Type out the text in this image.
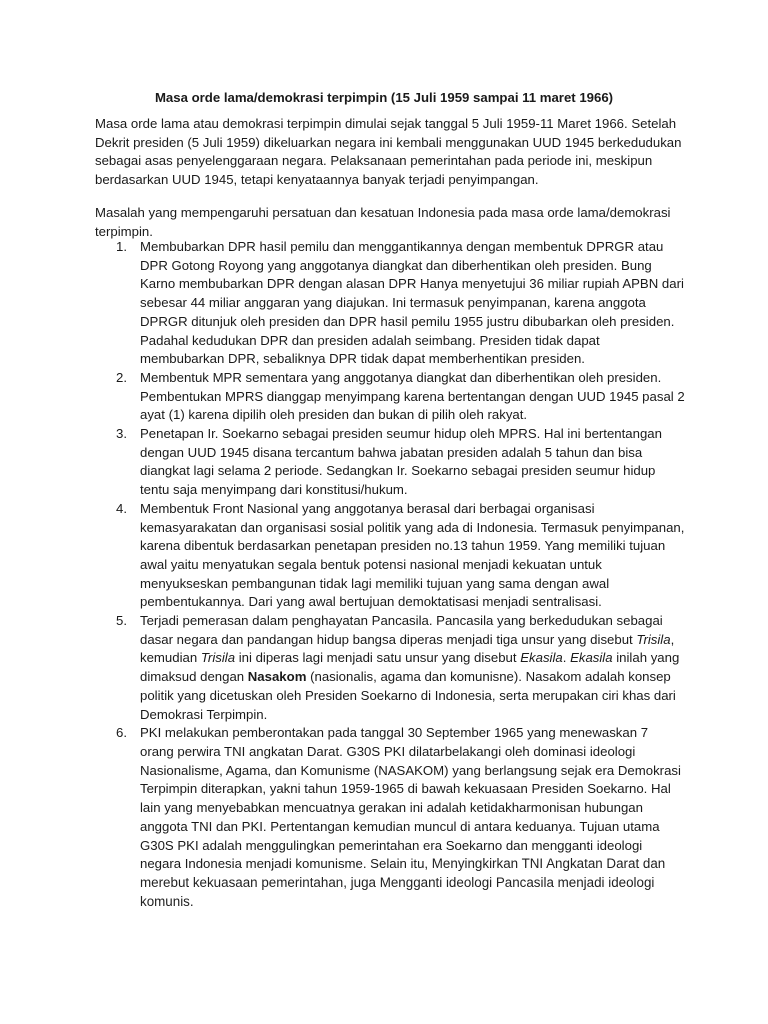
Masa orde lama/demokrasi terpimpin (15 Juli 1959 sampai 11 maret 1966)

Masa orde lama atau demokrasi terpimpin dimulai sejak tanggal 5 Juli 1959-11 Maret 1966. Setelah Dekrit presiden (5 Juli 1959) dikeluarkan negara ini kembali menggunakan UUD 1945 berkedudukan sebagai asas penyelenggaraan negara. Pelaksanaan pemerintahan pada periode ini, meskipun berdasarkan UUD 1945, tetapi kenyataannya banyak terjadi penyimpangan.

Masalah yang mempengaruhi persatuan dan kesatuan Indonesia pada masa orde lama/demokrasi terpimpin.

1. Membubarkan DPR hasil pemilu dan menggantikannya dengan membentuk DPRGR atau DPR Gotong Royong yang anggotanya diangkat dan diberhentikan oleh presiden. Bung Karno membubarkan DPR dengan alasan DPR Hanya menyetujui 36 miliar rupiah APBN dari sebesar 44 miliar anggaran yang diajukan. Ini termasuk penyimpanan, karena anggota DPRGR ditunjuk oleh presiden dan DPR hasil pemilu 1955 justru dibubarkan oleh presiden. Padahal kedudukan DPR dan presiden adalah seimbang. Presiden tidak dapat membubarkan DPR, sebaliknya DPR tidak dapat memberhentikan presiden.
2. Membentuk MPR sementara yang anggotanya diangkat dan diberhentikan oleh presiden. Pembentukan MPRS dianggap menyimpang karena bertentangan dengan UUD 1945 pasal 2 ayat (1) karena dipilih oleh presiden dan bukan di pilih oleh rakyat.
3. Penetapan Ir. Soekarno sebagai presiden seumur hidup oleh MPRS. Hal ini bertentangan dengan UUD 1945 disana tercantum bahwa jabatan presiden adalah 5 tahun dan bisa diangkat lagi selama 2 periode. Sedangkan Ir. Soekarno sebagai presiden seumur hidup tentu saja menyimpang dari konstitusi/hukum.
4. Membentuk Front Nasional yang anggotanya berasal dari berbagai organisasi kemasyarakatan dan organisasi sosial politik yang ada di Indonesia. Termasuk penyimpanan, karena dibentuk berdasarkan penetapan presiden no.13 tahun 1959. Yang memiliki tujuan awal yaitu menyatukan segala bentuk potensi nasional menjadi kekuatan untuk menyukseskan pembangunan tidak lagi memiliki tujuan yang sama dengan awal pembentukannya. Dari yang awal bertujuan demoktatisasi menjadi sentralisasi.
5. Terjadi pemerasan dalam penghayatan Pancasila. Pancasila yang berkedudukan sebagai dasar negara dan pandangan hidup bangsa diperas menjadi tiga unsur yang disebut Trisila, kemudian Trisila ini diperas lagi menjadi satu unsur yang disebut Ekasila. Ekasila inilah yang dimaksud dengan Nasakom (nasionalis, agama dan komunisne). Nasakom adalah konsep politik yang dicetuskan oleh Presiden Soekarno di Indonesia, serta merupakan ciri khas dari Demokrasi Terpimpin.
6. PKI melakukan pemberontakan pada tanggal 30 September 1965 yang menewaskan 7 orang perwira TNI angkatan Darat. G30S PKI dilatarbelakangi oleh dominasi ideologi Nasionalisme, Agama, dan Komunisme (NASAKOM) yang berlangsung sejak era Demokrasi Terpimpin diterapkan, yakni tahun 1959-1965 di bawah kekuasaan Presiden Soekarno. Hal lain yang menyebabkan mencuatnya gerakan ini adalah ketidakharmonisan hubungan anggota TNI dan PKI. Pertentangan kemudian muncul di antara keduanya. Tujuan utama G30S PKI adalah menggulingkan pemerintahan era Soekarno dan mengganti ideologi negara Indonesia menjadi komunisme. Selain itu, Menyingkirkan TNI Angkatan Darat dan merebut kekuasaan pemerintahan, juga Mengganti ideologi Pancasila menjadi ideologi komunis.
